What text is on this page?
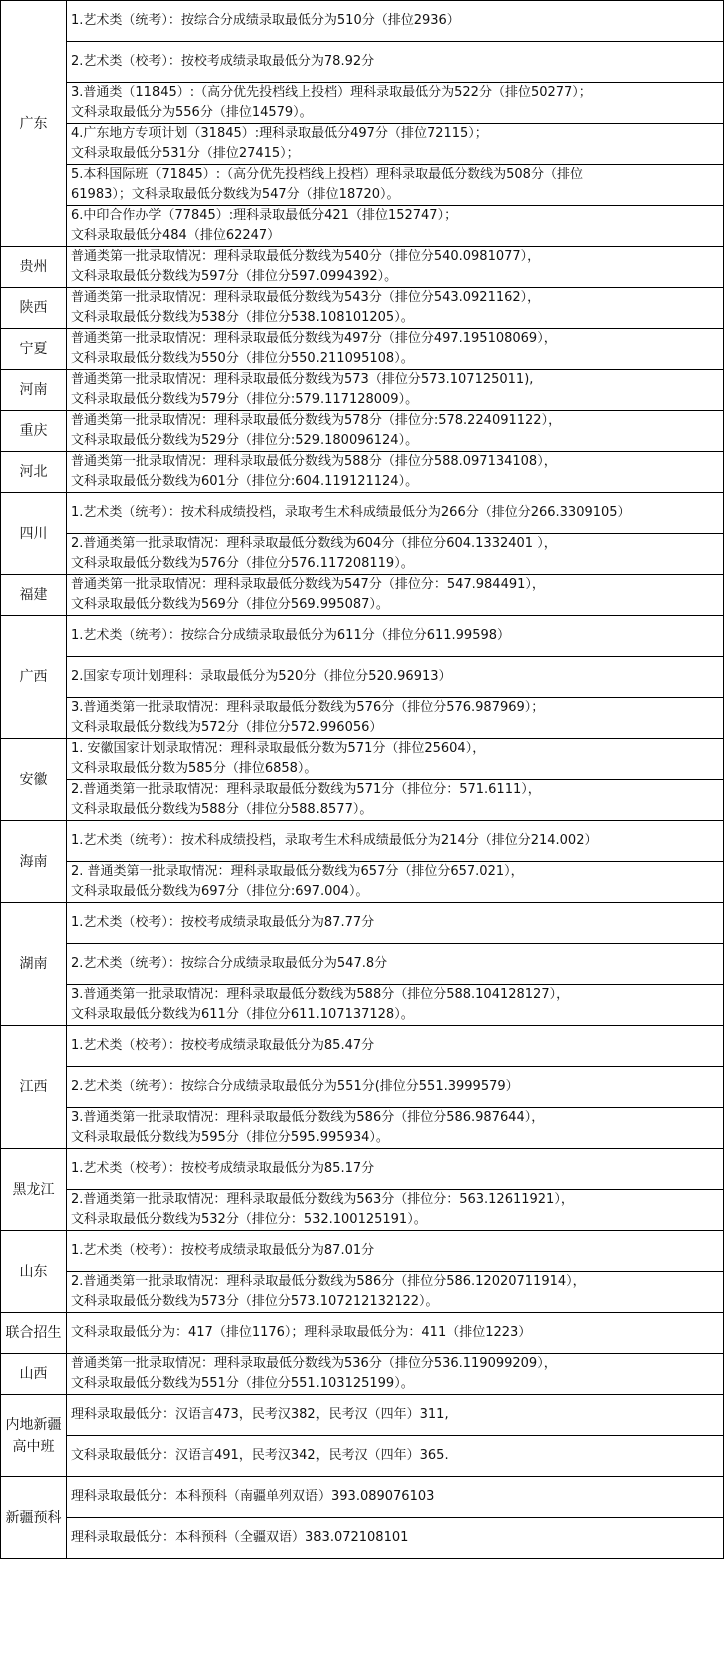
广东	1.艺术类（统考）：按综合分成绩录取最低分为510分（排位2936）

	2.艺术类（校考）：按校考成绩录取最低分为78.92分

	3.普通类（11845）:（高分优先投档线上投档）理科录取最低分为522分（排位50277）；
文科录取最低分为556分（排位14579）。

	4.广东地方专项计划（31845）:理科录取最低分497分（排位72115）；
文科录取最低分531分（排位27415）；

	5.本科国际班（71845）:（高分优先投档线上投档）理科录取最低分数线为508分（排位
61983）；文科录取最低分数线为547分（排位18720）。

	6.中印合作办学（77845）:理科录取最低分421（排位152747）；
文科录取最低分484（排位62247）

贵州	普通类第一批录取情况：理科录取最低分数线为540分（排位分540.0981077），
文科录取最低分数线为597分（排位分597.0994392）。

陕西	普通类第一批录取情况：理科录取最低分数线为543分（排位分543.0921162），
文科录取最低分数线为538分（排位分538.108101205）。

宁夏	普通类第一批录取情况：理科录取最低分数线为497分（排位分497.195108069），
文科录取最低分数线为550分（排位分550.211095108）。

河南	普通类第一批录取情况：理科录取最低分数线为573（排位分573.107125011),
文科录取最低分数线为579分（排位分:579.117128009）。

重庆	普通类第一批录取情况：理科录取最低分数线为578分（排位分:578.224091122），
文科录取最低分数线为529分（排位分:529.180096124）。

河北	普通类第一批录取情况：理科录取最低分数线为588分（排位分588.097134108），
文科录取最低分数线为601分（排位分:604.119121124）。

四川	1.艺术类（统考）：按术科成绩投档，录取考生术科成绩最低分为266分（排位分266.3309105）

	2.普通类第一批录取情况：理科录取最低分数线为604分（排位分604.1332401 ），
文科录取最低分数线为576分（排位分576.117208119）。

福建	普通类第一批录取情况：理科录取最低分数线为547分（排位分：547.984491），
文科录取最低分数线为569分（排位分569.995087）。

广西	1.艺术类（统考）：按综合分成绩录取最低分为611分（排位分611.99598）

	2.国家专项计划理科：录取最低分为520分（排位分520.96913）

	3.普通类第一批录取情况：理科录取最低分数线为576分（排位分576.987969）；
文科录取最低分数线为572分（排位分572.996056）

安徽	1. 安徽国家计划录取情况：理科录取最低分数为571分（排位25604），
文科录取最低分数为585分（排位6858）。

	2.普通类第一批录取情况：理科录取最低分数线为571分（排位分：571.6111），
文科录取最低分数线为588分（排位分588.8577）。

海南	1.艺术类（统考）：按术科成绩投档，录取考生术科成绩最低分为214分（排位分214.002）

	2. 普通类第一批录取情况：理科录取最低分数线为657分（排位分657.021），
文科录取最低分数线为697分（排位分:697.004）。

湖南	1.艺术类（校考）：按校考成绩录取最低分为87.77分

	2.艺术类（统考）：按综合分成绩录取最低分为547.8分

	3.普通类第一批录取情况：理科录取最低分数线为588分（排位分588.104128127），
文科录取最低分数线为611分（排位分611.107137128）。

江西	1.艺术类（校考）：按校考成绩录取最低分为85.47分

	2.艺术类（统考）：按综合分成绩录取最低分为551分(排位分551.3999579）

	3.普通类第一批录取情况：理科录取最低分数线为586分（排位分586.987644），
文科录取最低分数线为595分（排位分595.995934）。

黑龙江	1.艺术类（校考）：按校考成绩录取最低分为85.17分

	2.普通类第一批录取情况：理科录取最低分数线为563分（排位分：563.12611921），
文科录取最低分数线为532分（排位分：532.100125191）。

山东	1.艺术类（校考）：按校考成绩录取最低分为87.01分

	2.普通类第一批录取情况：理科录取最低分数线为586分（排位分586.12020711914），
文科录取最低分数线为573分（排位分573.107212132122）。

联合招生	文科录取最低分为：417（排位1176）；理科录取最低分为：411（排位1223）

山西	普通类第一批录取情况：理科录取最低分数线为536分（排位分536.119099209），
文科录取最低分数线为551分（排位分551.103125199）。

内地新疆高中班	理科录取最低分：汉语言473，民考汉382，民考汉（四年）311,

	文科录取最低分：汉语言491，民考汉342，民考汉（四年）365.

新疆预科	理科录取最低分：本科预科（南疆单列双语）393.089076103

	理科录取最低分：本科预科（全疆双语）383.072108101
